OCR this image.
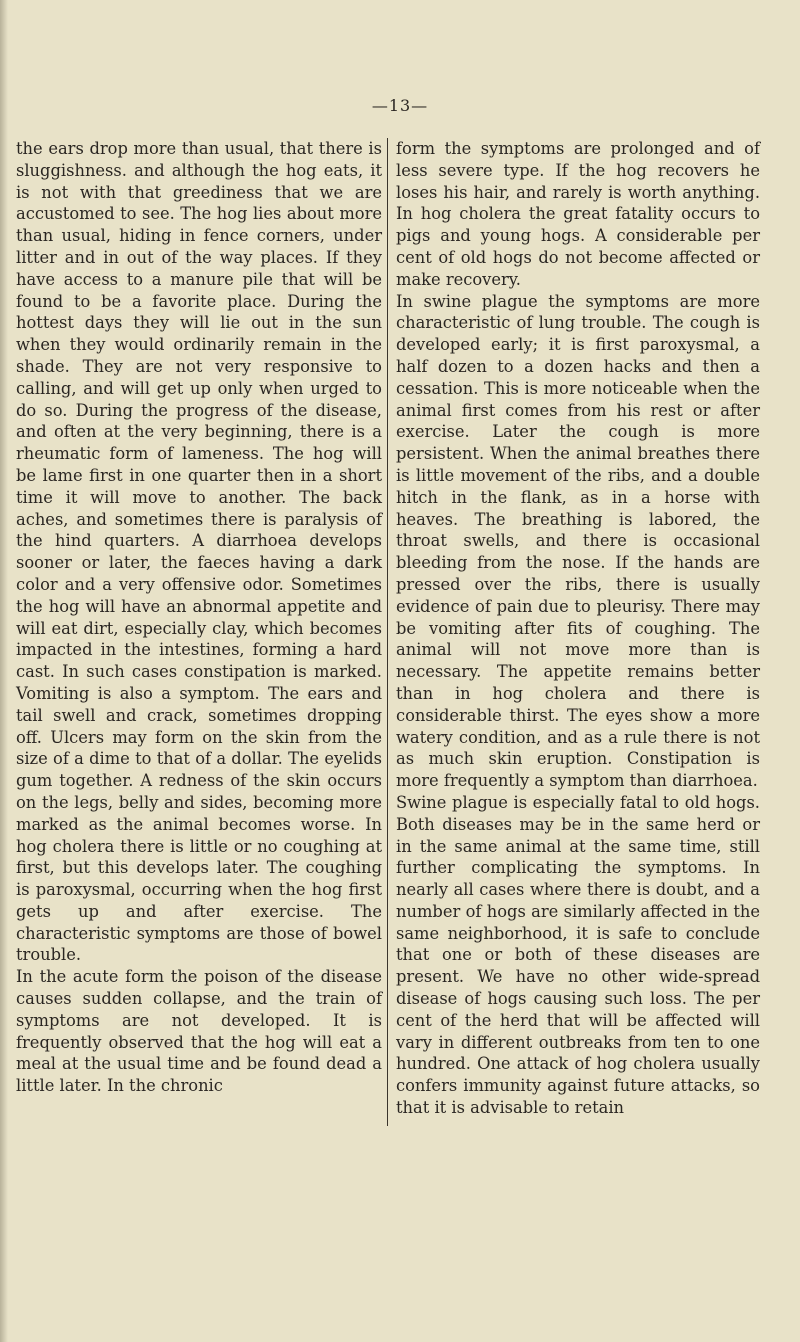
—13—

the ears drop more than usual, that there is sluggishness. and although the hog eats, it is not with that greediness that we are accustomed to see. The hog lies about more than usual, hiding in fence corners, under litter and in out of the way places. If they have access to a manure pile that will be found to be a favorite place. During the hottest days they will lie out in the sun when they would ordinarily remain in the shade. They are not very responsive to calling, and will get up only when urged to do so. During the progress of the disease, and often at the very beginning, there is a rheumatic form of lameness. The hog will be lame first in one quarter then in a short time it will move to another. The back aches, and sometimes there is paralysis of the hind quarters. A diarrhoea develops sooner or later, the faeces having a dark color and a very offensive odor. Sometimes the hog will have an abnormal appetite and will eat dirt, especially clay, which becomes impacted in the intestines, forming a hard cast. In such cases constipation is marked. Vomiting is also a symptom. The ears and tail swell and crack, sometimes dropping off. Ulcers may form on the skin from the size of a dime to that of a dollar. The eyelids gum together. A redness of the skin occurs on the legs, belly and sides, becoming more marked as the animal becomes worse. In hog cholera there is little or no coughing at first, but this develops later. The coughing is paroxysmal, occurring when the hog first gets up and after exercise. The characteristic symptoms are those of bowel trouble.

In the acute form the poison of the disease causes sudden collapse, and the train of symptoms are not developed. It is frequently observed that the hog will eat a meal at the usual time and be found dead a little later. In the chronic

form the symptoms are prolonged and of less severe type. If the hog recovers he loses his hair, and rarely is worth anything. In hog cholera the great fatality occurs to pigs and young hogs. A considerable per cent of old hogs do not become affected or make recovery.

In swine plague the symptoms are more characteristic of lung trouble. The cough is developed early; it is first paroxysmal, a half dozen to a dozen hacks and then a cessation. This is more noticeable when the animal first comes from his rest or after exercise. Later the cough is more persistent. When the animal breathes there is little movement of the ribs, and a double hitch in the flank, as in a horse with heaves. The breathing is labored, the throat swells, and there is occasional bleeding from the nose. If the hands are pressed over the ribs, there is usually evidence of pain due to pleurisy. There may be vomiting after fits of coughing. The animal will not move more than is necessary. The appetite remains better than in hog cholera and there is considerable thirst. The eyes show a more watery condition, and as a rule there is not as much skin eruption. Constipation is more frequently a symptom than diarrhoea.

Swine plague is especially fatal to old hogs. Both diseases may be in the same herd or in the same animal at the same time, still further complicating the symptoms. In nearly all cases where there is doubt, and a number of hogs are similarly affected in the same neighborhood, it is safe to conclude that one or both of these diseases are present. We have no other wide-spread disease of hogs causing such loss. The per cent of the herd that will be affected will vary in different outbreaks from ten to one hundred. One attack of hog cholera usually confers immunity against future attacks, so that it is advisable to retain
